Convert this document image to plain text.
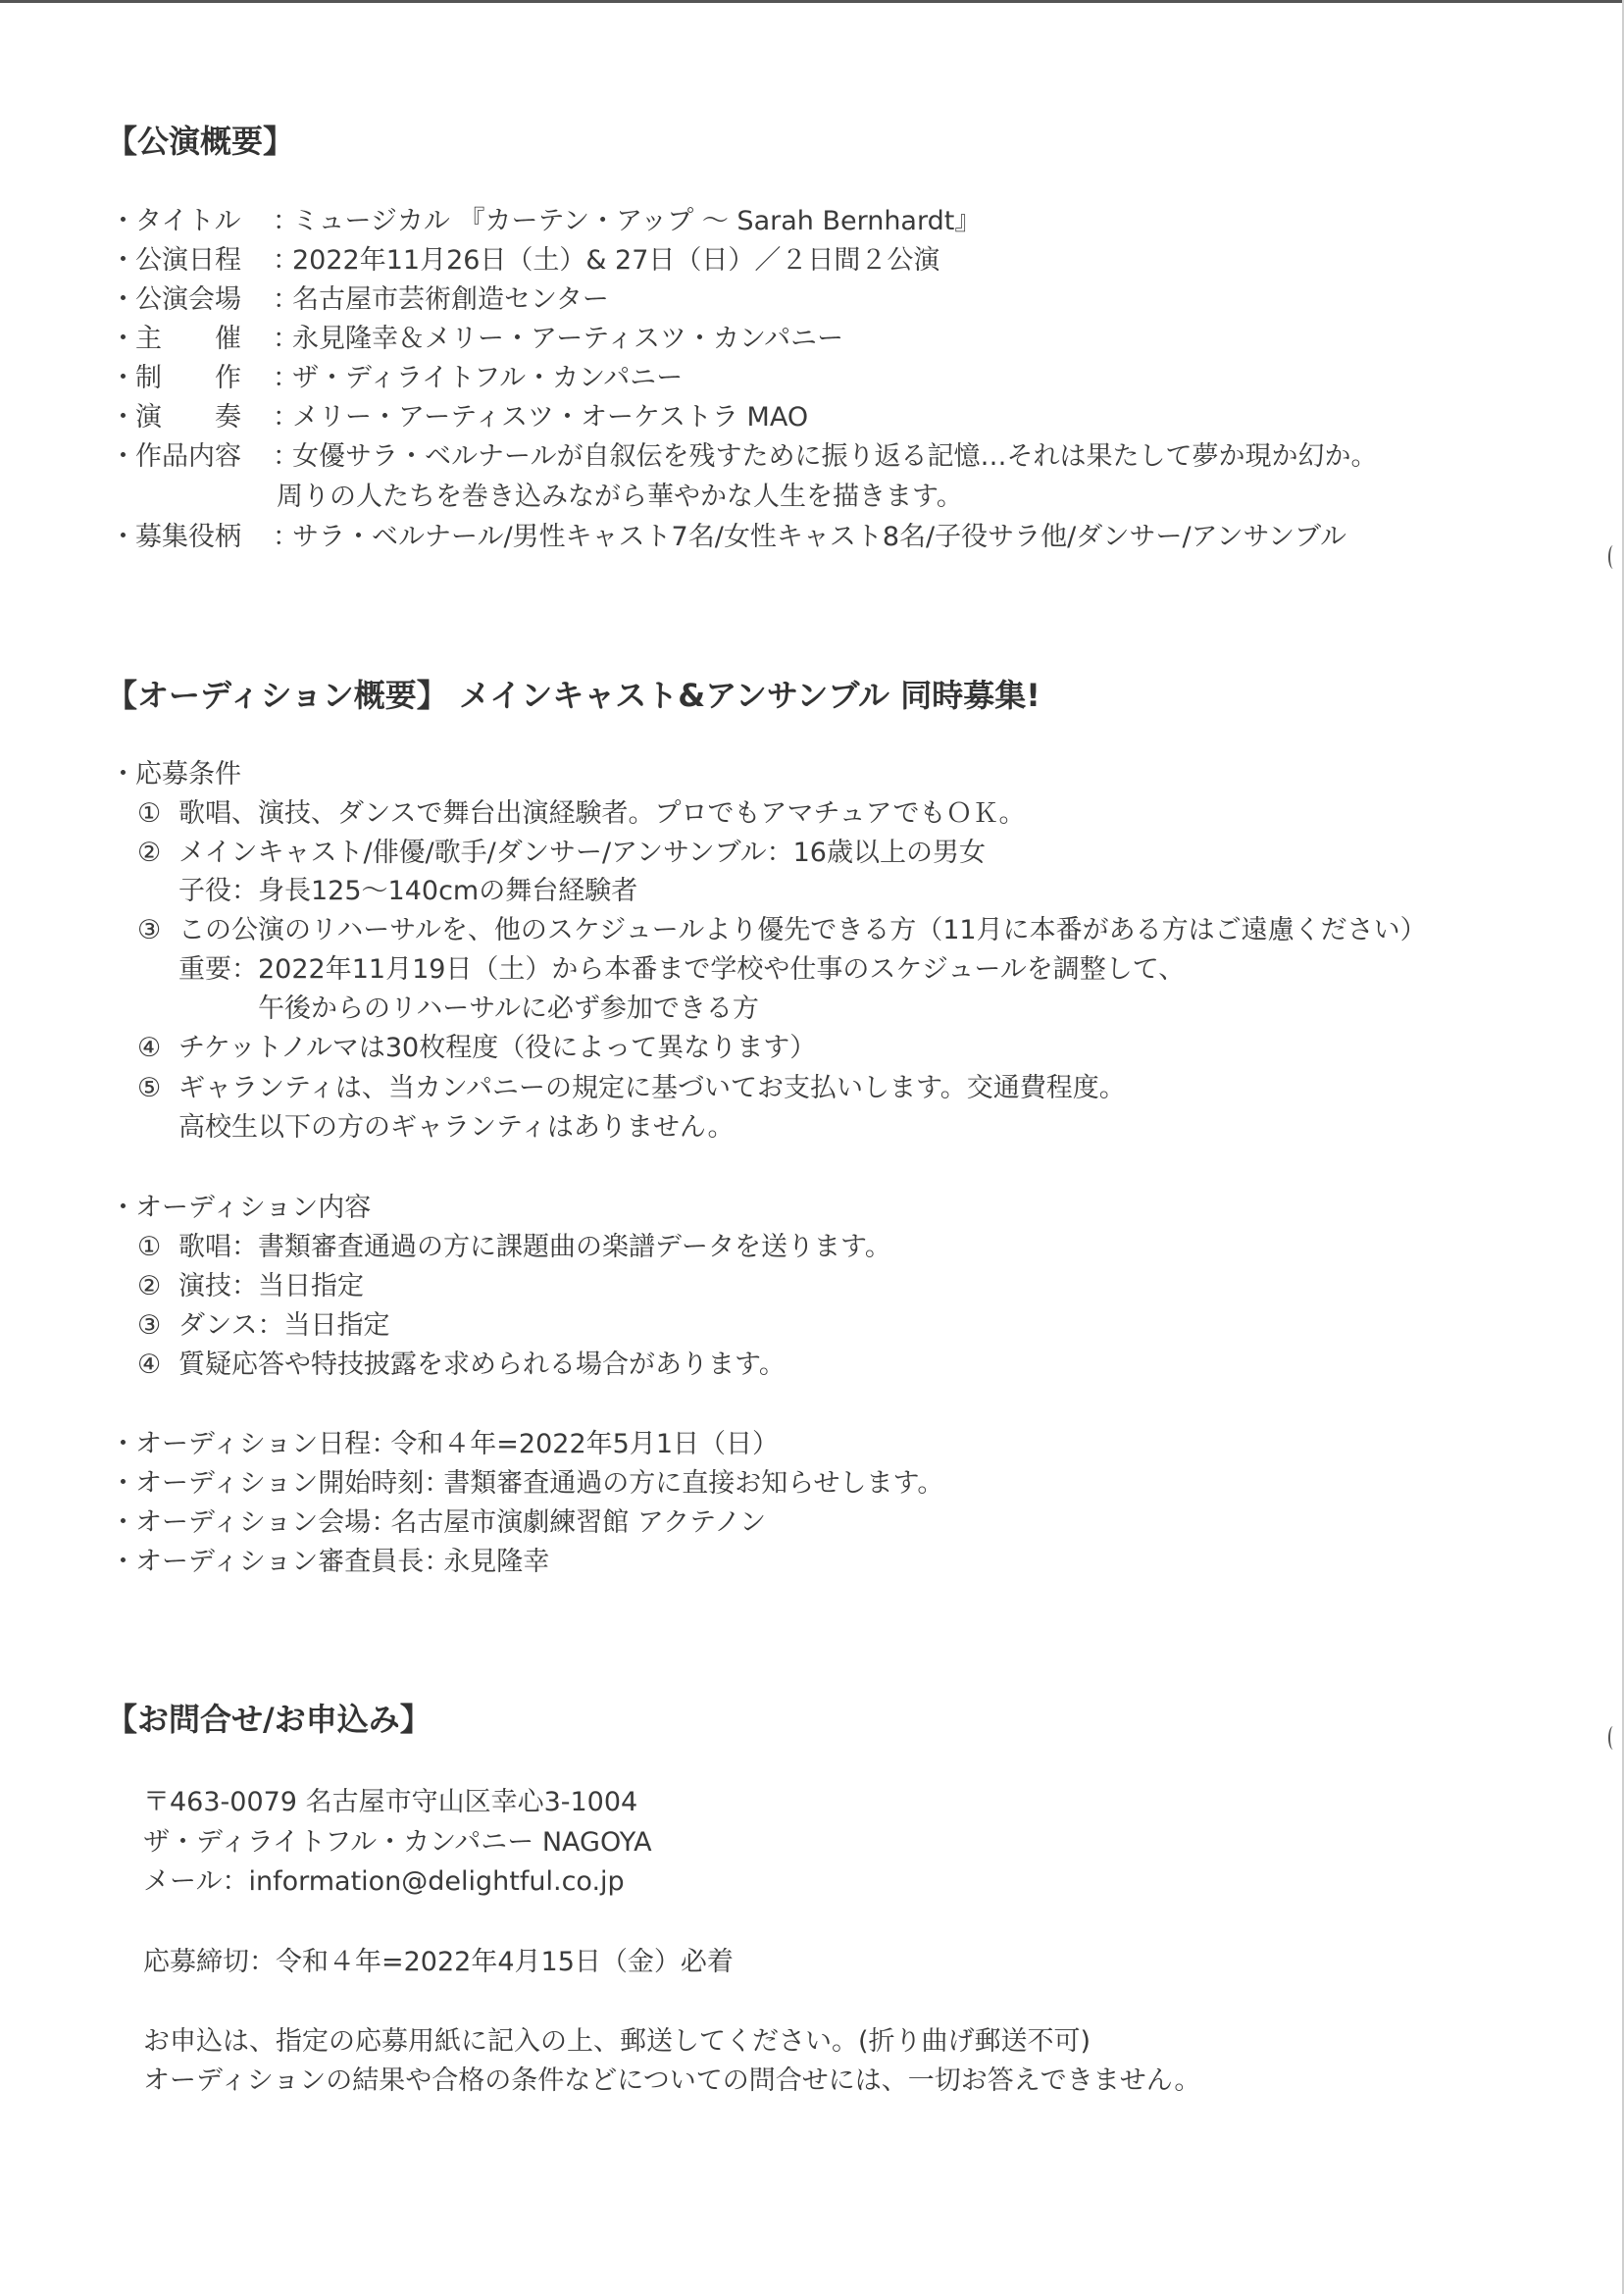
【公演概要】
・タイトル ：ミュージカル 『カーテン・アップ ～ Sarah Bernhardt』
・公演日程 ：2022年11月26日（土）& 27日（日）／２日間２公演
・公演会場 ：名古屋市芸術創造センター
・主　　催 ：永見隆幸＆メリー・アーティスツ・カンパニー
・制　　作 ：ザ・ディライトフル・カンパニー
・演　　奏 ：メリー・アーティスツ・オーケストラ MAO
・作品内容 ：女優サラ・ベルナールが自叙伝を残すために振り返る記憶…それは果たして夢か現か幻か。
周りの人たちを巻き込みながら華やかな人生を描きます。
・募集役柄 ：サラ・ベルナール/男性キャスト7名/女性キャスト8名/子役サラ他/ダンサー/アンサンブル
【オーディション概要】 メインキャスト&アンサンブル 同時募集!
・応募条件
① 歌唱、演技、ダンスで舞台出演経験者。プロでもアマチュアでもＯＫ。
② メインキャスト/俳優/歌手/ダンサー/アンサンブル：16歳以上の男女
子役：身長125～140cmの舞台経験者
③ この公演のリハーサルを、他のスケジュールより優先できる方（11月に本番がある方はご遠慮ください）
重要：2022年11月19日（土）から本番まで学校や仕事のスケジュールを調整して、
　　　午後からのリハーサルに必ず参加できる方
④ チケットノルマは30枚程度（役によって異なります）
⑤ ギャランティは、当カンパニーの規定に基づいてお支払いします。交通費程度。
高校生以下の方のギャランティはありません。
・オーディション内容
① 歌唱：書類審査通過の方に課題曲の楽譜データを送ります。
② 演技：当日指定
③ ダンス：当日指定
④ 質疑応答や特技披露を求められる場合があります。
・オーディション日程：令和４年=2022年5月1日（日）
・オーディション開始時刻：書類審査通過の方に直接お知らせします。
・オーディション会場：名古屋市演劇練習館 アクテノン
・オーディション審査員長：永見隆幸
【お問合せ/お申込み】
〒463-0079 名古屋市守山区幸心3-1004
ザ・ディライトフル・カンパニー NAGOYA
メール：information@delightful.co.jp
応募締切：令和４年=2022年4月15日（金）必着
お申込は、指定の応募用紙に記入の上、郵送してください。(折り曲げ郵送不可)
オーディションの結果や合格の条件などについての問合せには、一切お答えできません。
